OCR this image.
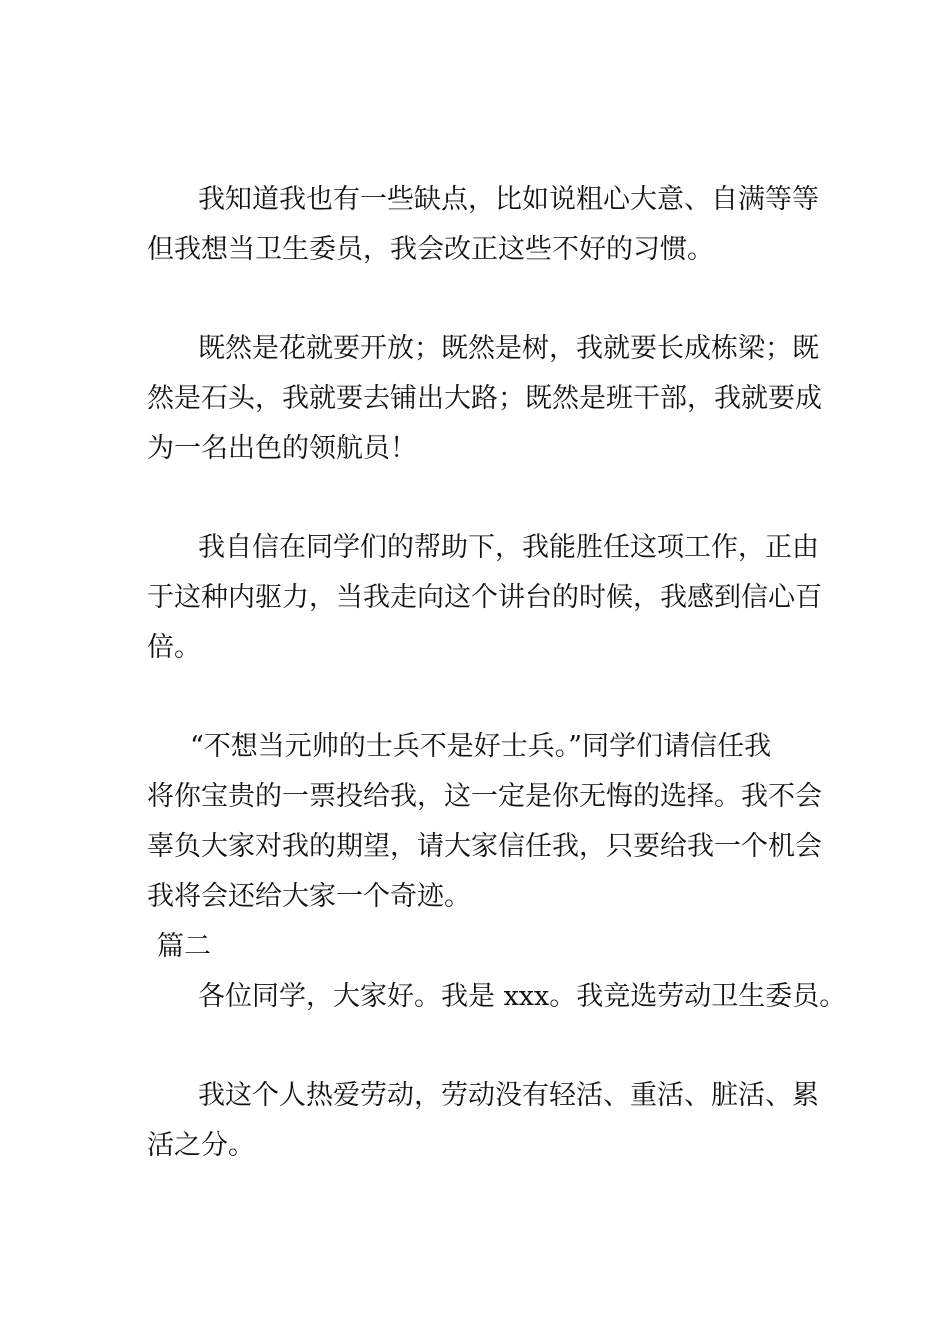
我知道我也有一些缺点，比如说粗心大意、自满等等
但我想当卫生委员，我会改正这些不好的习惯。
既然是花就要开放；既然是树，我就要长成栋梁；既
然是石头，我就要去铺出大路；既然是班干部，我就要成
为一名出色的领航员！
我自信在同学们的帮助下，我能胜任这项工作，正由
于这种内驱力，当我走向这个讲台的时候，我感到信心百
倍。
“不想当元帅的士兵不是好士兵。”同学们请信任我
将你宝贵的一票投给我，这一定是你无悔的选择。我不会
辜负大家对我的期望，请大家信任我，只要给我一个机会
我将会还给大家一个奇迹。
篇二
各位同学，大家好。我是 xxx。我竞选劳动卫生委员。
我这个人热爱劳动，劳动没有轻活、重活、脏活、累
活之分。
